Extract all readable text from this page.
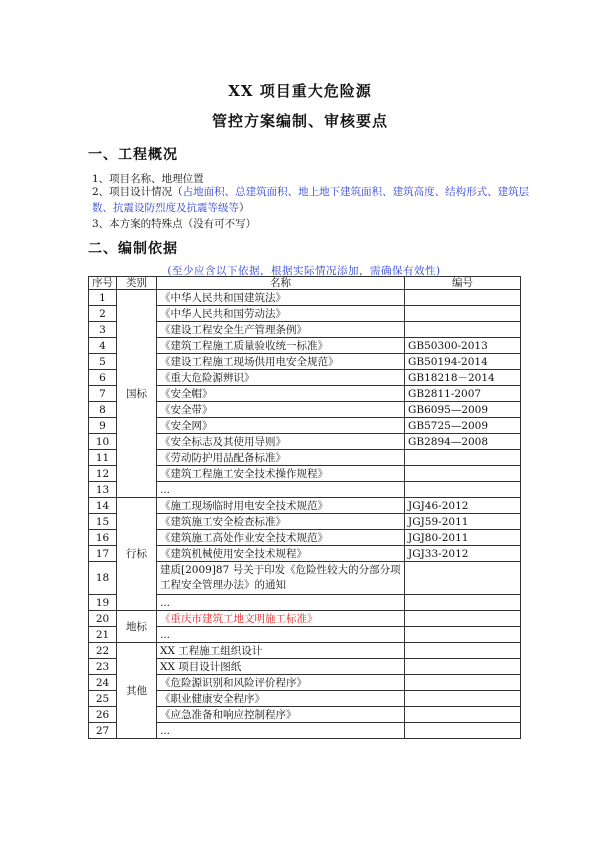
XX 项目重大危险源
管控方案编制、审核要点
一、工程概况
1、项目名称、地理位置
2、项目设计情况（占地面积、总建筑面积、地上地下建筑面积、建筑高度、结构形式、建筑层数、抗震设防烈度及抗震等级等）
3、本方案的特殊点（没有可不写）
二、编制依据
(至少应含以下依据，根据实际情况添加，需确保有效性)
序号	类别	名称	编号
1	国标	《中华人民共和国建筑法》	
2		《中华人民共和国劳动法》	
3		《建设工程安全生产管理条例》	
4		《建筑工程施工质量验收统一标准》	GB50300-2013
5		《建设工程施工现场供用电安全规范》	GB50194-2014
6		《重大危险源辨识》	GB18218－2014
7		《安全帽》	GB2811-2007
8		《安全带》	GB6095—2009
9		《安全网》	GB5725—2009
10		《安全标志及其使用导则》	GB2894—2008
11		《劳动防护用品配备标准》	
12		《建筑工程施工安全技术操作规程》	
13		...	
14	行标	《施工现场临时用电安全技术规范》	JGJ46-2012
15		《建筑施工安全检查标准》	JGJ59-2011
16		《建筑施工高处作业安全技术规范》	JGJ80-2011
17		《建筑机械使用安全技术规程》	JGJ33-2012
18		建质[2009]87 号关于印发《危险性较大的分部分项工程安全管理办法》的通知	
19		...	
20	地标	《重庆市建筑工地文明施工标准》	
21		...	
22	其他	XX 工程施工组织设计	
23		XX 项目设计图纸	
24		《危险源识别和风险评价程序》	
25		《职业健康安全程序》	
26		《应急准备和响应控制程序》	
27		...	
